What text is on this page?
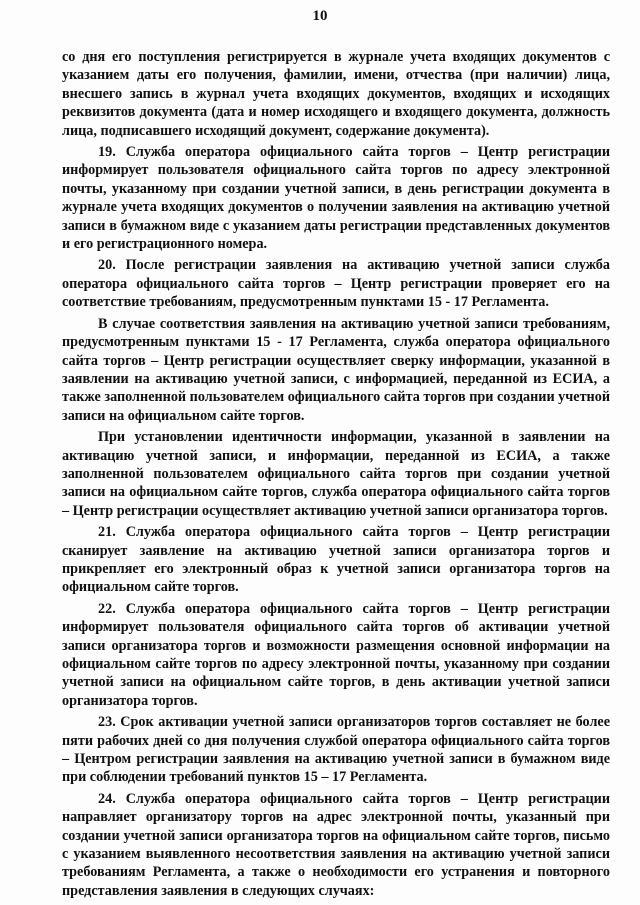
10

со дня его поступления регистрируется в журнале учета входящих документов с указанием даты его получения, фамилии, имени, отчества (при наличии) лица, внесшего запись в журнал учета входящих документов, входящих и исходящих реквизитов документа (дата и номер исходящего и входящего документа, должность лица, подписавшего исходящий документ, содержание документа).

19. Служба оператора официального сайта торгов – Центр регистрации информирует пользователя официального сайта торгов по адресу электронной почты, указанному при создании учетной записи, в день регистрации документа в журнале учета входящих документов о получении заявления на активацию учетной записи в бумажном виде с указанием даты регистрации представленных документов и его регистрационного номера.

20. После регистрации заявления на активацию учетной записи служба оператора официального сайта торгов – Центр регистрации проверяет его на соответствие требованиям, предусмотренным пунктами 15 - 17 Регламента.

В случае соответствия заявления на активацию учетной записи требованиям, предусмотренным пунктами 15 - 17 Регламента, служба оператора официального сайта торгов – Центр регистрации осуществляет сверку информации, указанной в заявлении на активацию учетной записи, с информацией, переданной из ЕСИА, а также заполненной пользователем официального сайта торгов при создании учетной записи на официальном сайте торгов.

При установлении идентичности информации, указанной в заявлении на активацию учетной записи, и информации, переданной из ЕСИА, а также заполненной пользователем официального сайта торгов при создании учетной записи на официальном сайте торгов, служба оператора официального сайта торгов – Центр регистрации осуществляет активацию учетной записи организатора торгов.

21. Служба оператора официального сайта торгов – Центр регистрации сканирует заявление на активацию учетной записи организатора торгов и прикрепляет его электронный образ к учетной записи организатора торгов на официальном сайте торгов.

22. Служба оператора официального сайта торгов – Центр регистрации информирует пользователя официального сайта торгов об активации учетной записи организатора торгов и возможности размещения основной информации на официальном сайте торгов по адресу электронной почты, указанному при создании учетной записи на официальном сайте торгов, в день активации учетной записи организатора торгов.

23. Срок активации учетной записи организаторов торгов составляет не более пяти рабочих дней со дня получения службой оператора официального сайта торгов – Центром регистрации заявления на активацию учетной записи в бумажном виде при соблюдении требований пунктов 15 – 17 Регламента.

24. Служба оператора официального сайта торгов – Центр регистрации направляет организатору торгов на адрес электронной почты, указанный при создании учетной записи организатора торгов на официальном сайте торгов, письмо с указанием выявленного несоответствия заявления на активацию учетной записи требованиям Регламента, а также о необходимости его устранения и повторного представления заявления в следующих случаях:
